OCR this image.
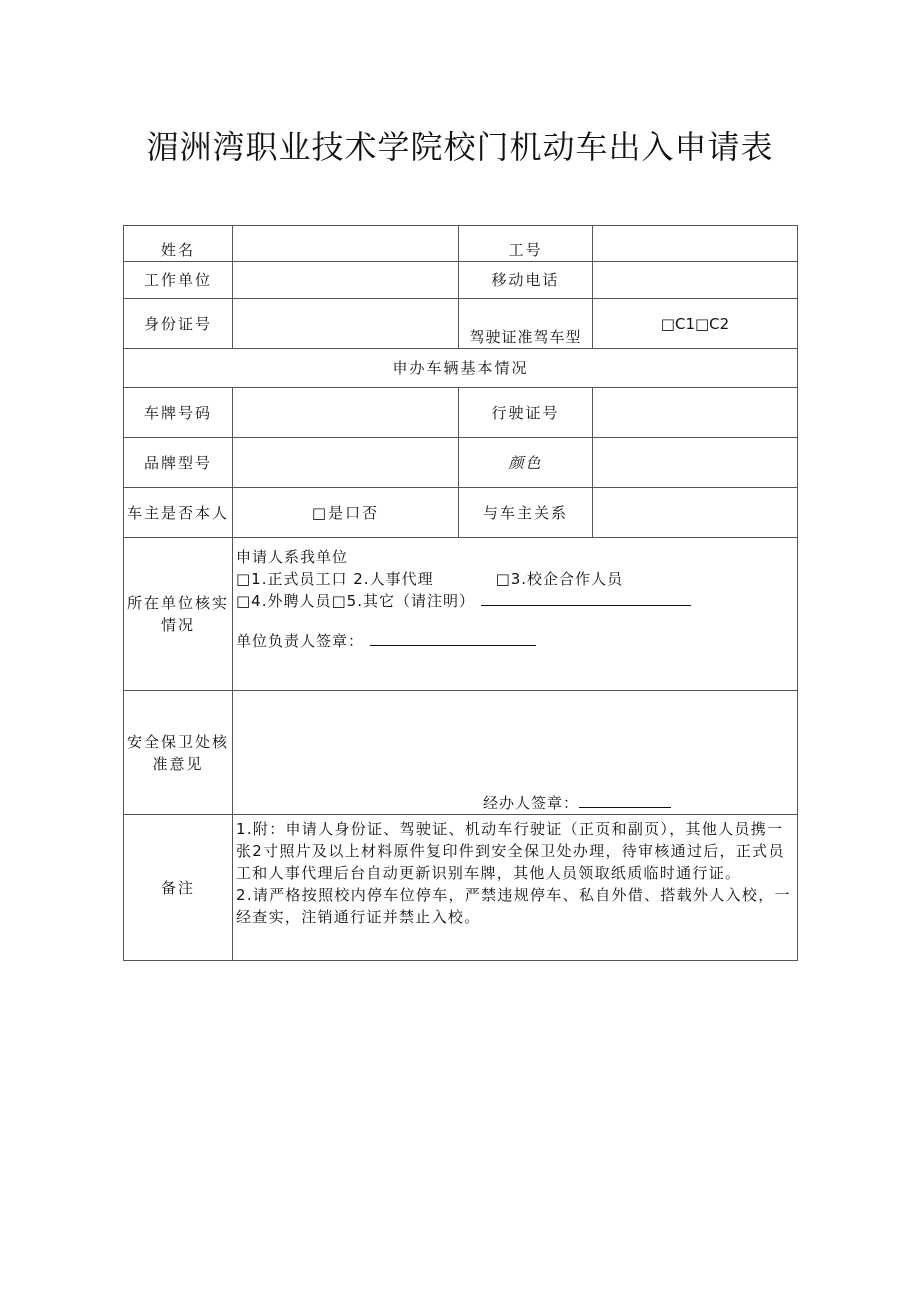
湄洲湾职业技术学院校门机动车出入申请表
姓名		工号	
工作单位		移动电话	
身份证号		驾驶证准驾车型	□C1□C2
申办车辆基本情况			
车牌号码		行驶证号	
品牌型号		颜色	
车主是否本人	□是口否	与车主关系	
所在单位核实情况	申请人系我单位
□1.正式员工口 2.人事代理 □3.校企合作人员
□4.外聘人员□5.其它（请注明）
单位负责人签章：		

安全保卫处核准意见	经办人签章：		
备注	1.附：申请人身份证、驾驶证、机动车行驶证（正页和副页），其他人员携一张2寸照片及以上材料原件复印件到安全保卫处办理，待审核通过后，正式员工和人事代理后台自动更新识别车牌，其他人员领取纸质临时通行证。
2.请严格按照校内停车位停车，严禁违规停车、私自外借、搭载外人入校，一经查实，注销通行证并禁止入校。		
